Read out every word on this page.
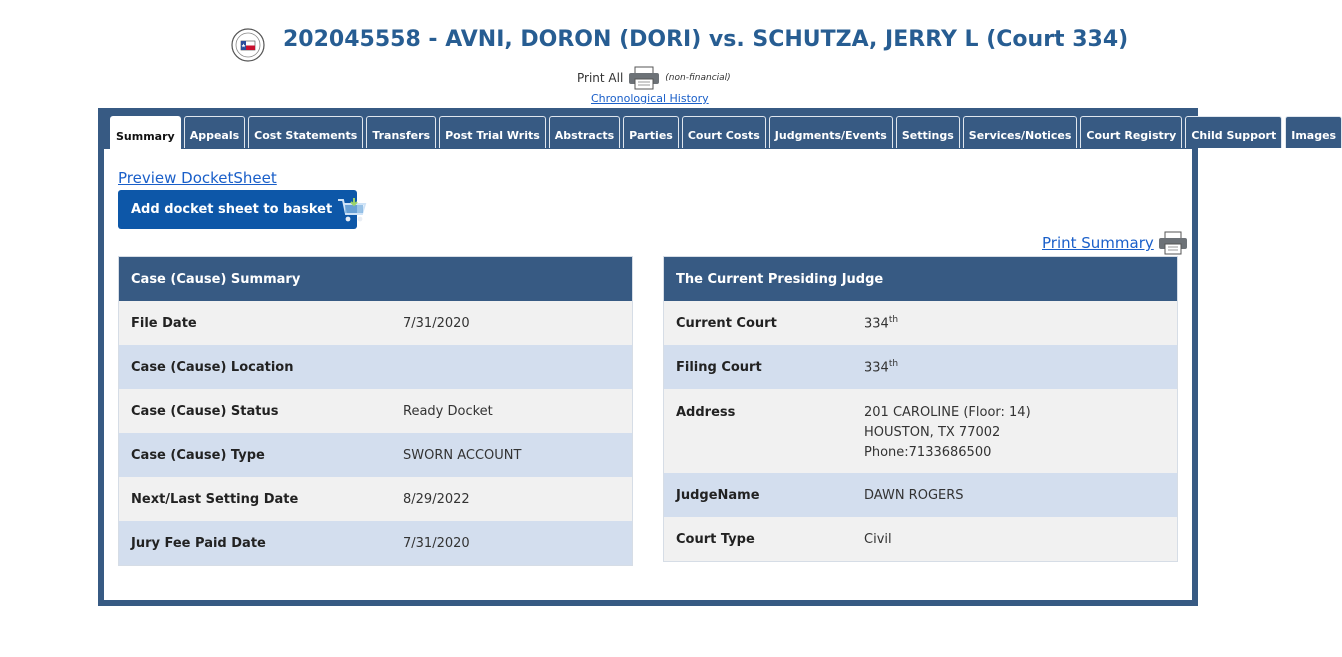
202045558 - AVNI, DORON (DORI) vs. SCHUTZA, JERRY L (Court 334)
Print All	(non-financial)
Chronological History
Summary	Appeals	Cost Statements	Transfers	Post Trial Writs	Abstracts	Parties	Court Costs	Judgments/Events	Settings	Services/Notices	Court Registry	Child Support	Images
Preview DocketSheet
Add docket sheet to basket
Print Summary
Case (Cause) Summary
File Date	7/31/2020
Case (Cause) Location
Case (Cause) Status	Ready Docket
Case (Cause) Type	SWORN ACCOUNT
Next/Last Setting Date	8/29/2022
Jury Fee Paid Date	7/31/2020
The Current Presiding Judge
Current Court	334th
Filing Court	334th
Address	201 CAROLINE (Floor: 14)
HOUSTON, TX 77002
Phone:7133686500
JudgeName	DAWN ROGERS
Court Type	Civil
